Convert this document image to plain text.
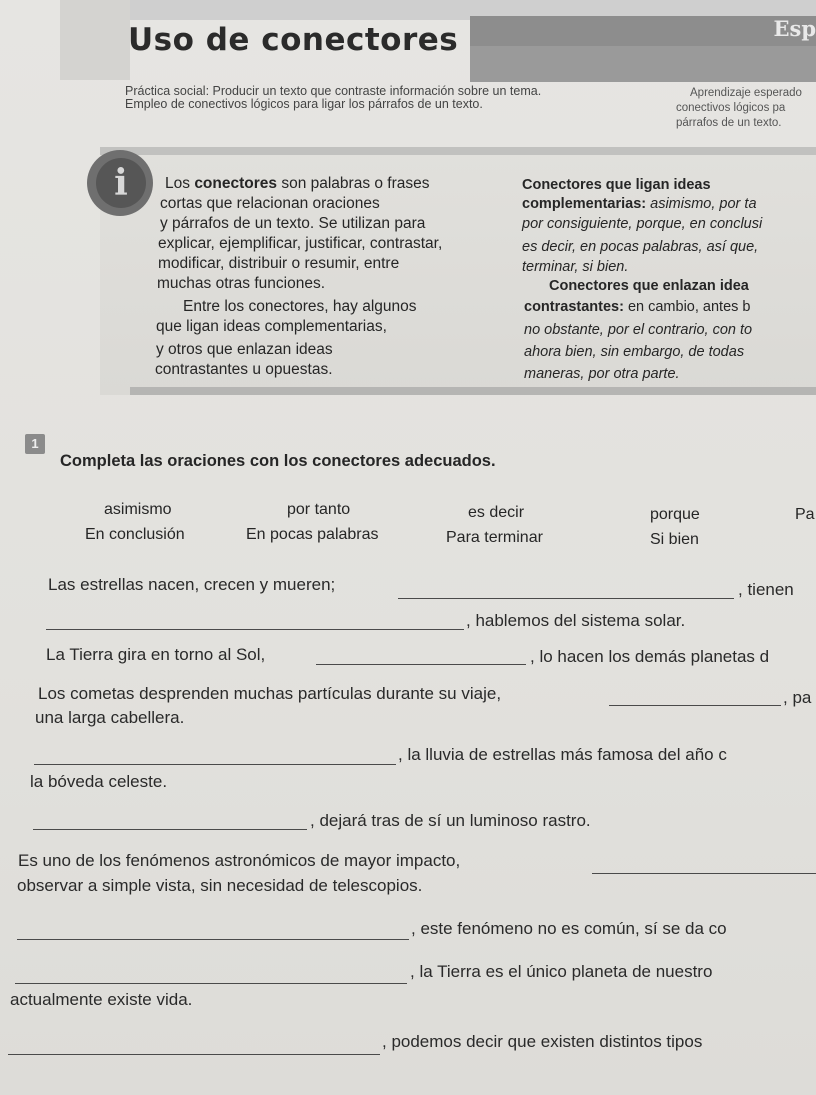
Uso de conectores	Esp
Práctica social: Producir un texto que contraste información sobre un tema.
Empleo de conectivos lógicos para ligar los párrafos de un texto.
Aprendizaje esperado
conectivos lógicos pa
párrafos de un texto.
i	Los conectores son palabras o frases
cortas que relacionan oraciones
y párrafos de un texto. Se utilizan para
explicar, ejemplificar, justificar, contrastar,
modificar, distribuir o resumir, entre
muchas otras funciones.
Entre los conectores, hay algunos
que ligan ideas complementarias,
y otros que enlazan ideas
contrastantes u opuestas.
Conectores que ligan ideas
complementarias: asimismo, por ta
por consiguiente, porque, en conclusi
es decir, en pocas palabras, así que,
terminar, si bien.
Conectores que enlazan idea
contrastantes: en cambio, antes b
no obstante, por el contrario, con to
ahora bien, sin embargo, de todas
maneras, por otra parte.
1
Completa las oraciones con los conectores adecuados.
asimismo	por tanto	es decir	porque	Pa
En conclusión	En pocas palabras	Para terminar	Si bien
Las estrellas nacen, crecen y mueren;	, tienen
, hablemos del sistema solar.
La Tierra gira en torno al Sol,	, lo hacen los demás planetas d
Los cometas desprenden muchas partículas durante su viaje,	, pa
una larga cabellera.
, la lluvia de estrellas más famosa del año c
la bóveda celeste.
, dejará tras de sí un luminoso rastro.
Es uno de los fenómenos astronómicos de mayor impacto,
observar a simple vista, sin necesidad de telescopios.
, este fenómeno no es común, sí se da co
, la Tierra es el único planeta de nuestro
actualmente existe vida.
, podemos decir que existen distintos tipos
